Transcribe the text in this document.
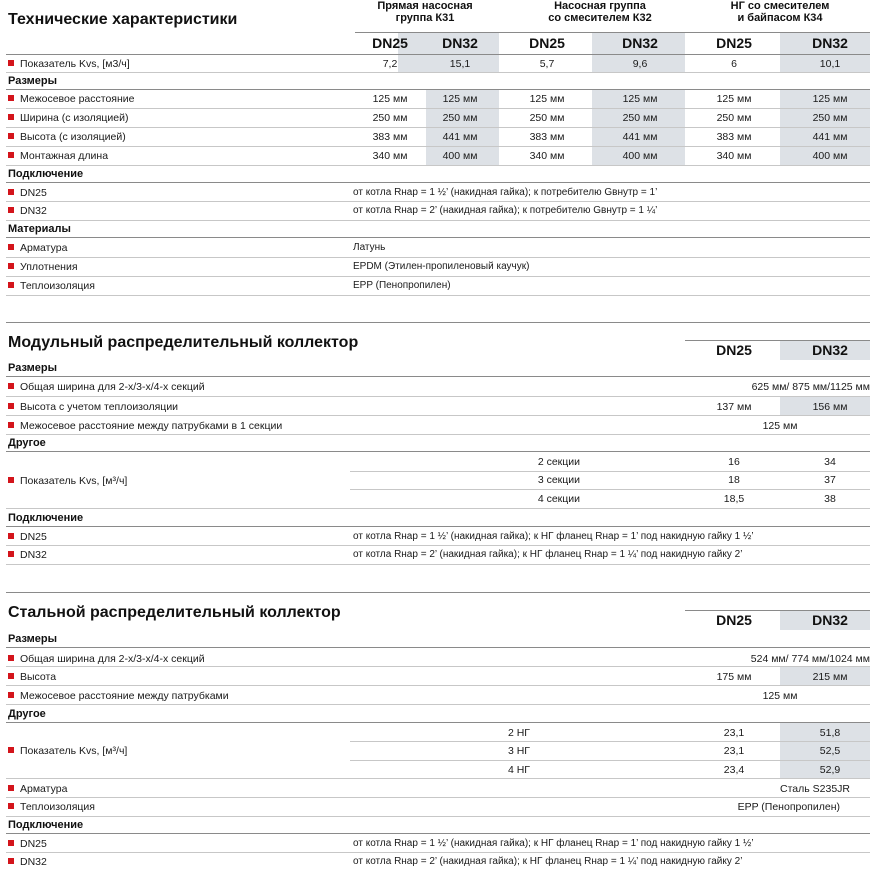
Технические характеристики
Прямая насосная
группа К31
Насосная группа
со смесителем К32
НГ со смесителем
и байпасом К34
DN25	DN32	DN25	DN32	DN25	DN32
Показатель Kvs, [м3/ч]	7,2	15,1	5,7	9,6	6	10,1
Размеры
Межосевое расстояние	125 мм	125 мм	125 мм	125 мм	125 мм	125 мм
Ширина (с изоляцией)	250 мм	250 мм	250 мм	250 мм	250 мм	250 мм
Высота (с изоляцией)	383 мм	441 мм	383 мм	441 мм	383 мм	441 мм
Монтажная длина	340 мм	400 мм	340 мм	400 мм	340 мм	400 мм
Подключение
DN25	от котла Rнар = 1 ½’ (накидная гайка); к потребителю Gвнутр = 1’
DN32	от котла Rнар = 2’ (накидная гайка); к потребителю Gвнутр = 1 ¼’
Материалы
Арматура	Латунь
Уплотнения	EPDM (Этилен-пропиленовый каучук)
Теплоизоляция	EPP (Пенопропилен)
Модульный распределительный коллектор	DN25	DN32
Размеры
Общая ширина для 2-х/3-х/4-х секций	625 мм/ 875 мм/1125 мм
Высота с учетом теплоизоляции	137 мм	156 мм
Межосевое расстояние между патрубками в 1 секции	125 мм
Другое
Показатель Kvs, [м³/ч]
2 секции	16	34
3 секции	18	37
4 секции	18,5	38
Подключение
DN25	от котла Rнар = 1 ½’ (накидная гайка); к НГ фланец Rнар = 1’ под накидную гайку 1 ½’
DN32	от котла Rнар = 2’ (накидная гайка); к НГ фланец Rнар = 1 ¼’ под накидную гайку 2’
Стальной распределительный коллектор	DN25	DN32
Размеры
Общая ширина для 2-х/3-х/4-х секций	524 мм/ 774 мм/1024 мм
Высота	175 мм	215 мм
Межосевое расстояние между патрубками	125 мм
Другое
Показатель Kvs, [м³/ч]
2 НГ	23,1	51,8
3 НГ	23,1	52,5
4 НГ	23,4	52,9
Арматура	Сталь S235JR
Теплоизоляция	EPP (Пенопропилен)
Подключение
DN25	от котла Rнар = 1 ½’ (накидная гайка); к НГ фланец Rнар = 1’ под накидную гайку 1 ½’
DN32	от котла Rнар = 2’ (накидная гайка); к НГ фланец Rнар = 1 ¼’ под накидную гайку 2’
